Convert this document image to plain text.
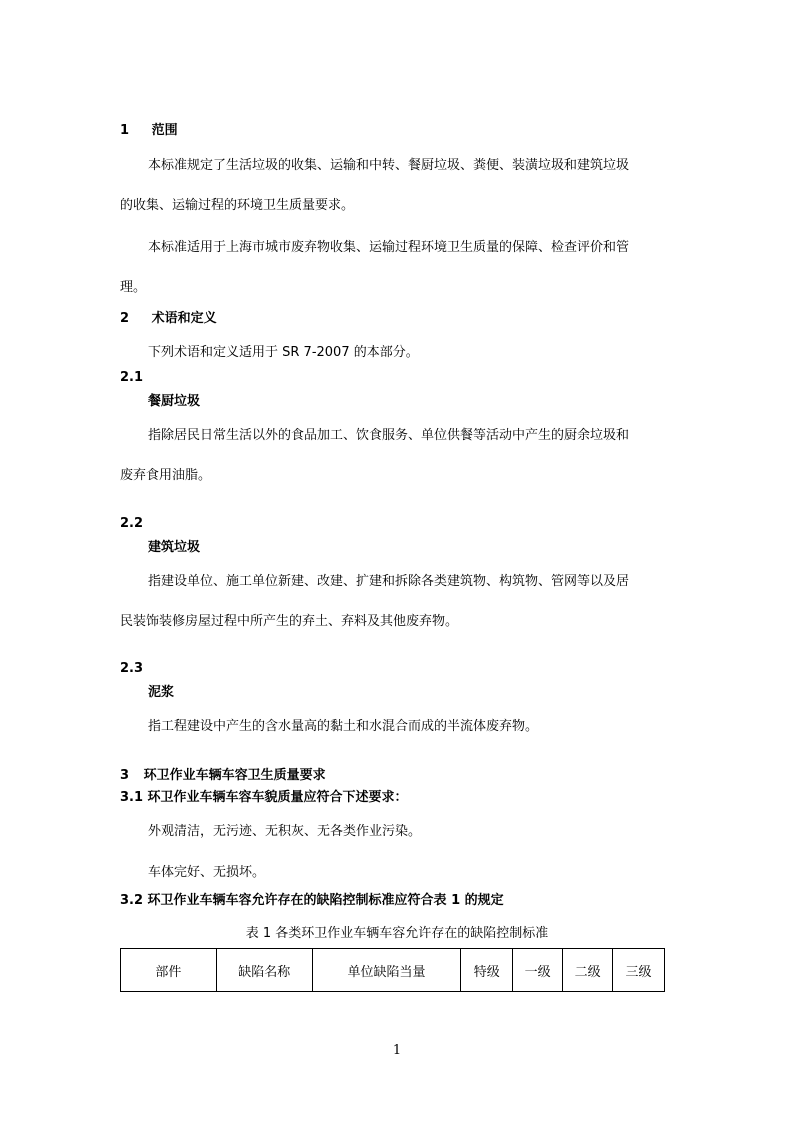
1 范围
本标准规定了生活垃圾的收集、运输和中转、餐厨垃圾、粪便、装潢垃圾和建筑垃圾
的收集、运输过程的环境卫生质量要求。
本标准适用于上海市城市废弃物收集、运输过程环境卫生质量的保障、检查评价和管
理。
2 术语和定义
下列术语和定义适用于 SR 7-2007 的本部分。
2.1
餐厨垃圾
指除居民日常生活以外的食品加工、饮食服务、单位供餐等活动中产生的厨余垃圾和
废弃食用油脂。
2.2
建筑垃圾
指建设单位、施工单位新建、改建、扩建和拆除各类建筑物、构筑物、管网等以及居
民装饰装修房屋过程中所产生的弃土、弃料及其他废弃物。
2.3
泥浆
指工程建设中产生的含水量高的黏土和水混合而成的半流体废弃物。
3 环卫作业车辆车容卫生质量要求
3.1 环卫作业车辆车容车貌质量应符合下述要求：
外观清洁，无污迹、无积灰、无各类作业污染。
车体完好、无损坏。
3.2 环卫作业车辆车容允许存在的缺陷控制标准应符合表 1 的规定
表 1 各类环卫作业车辆车容允许存在的缺陷控制标准
部件	缺陷名称	单位缺陷当量	特级	一级	二级	三级
1
